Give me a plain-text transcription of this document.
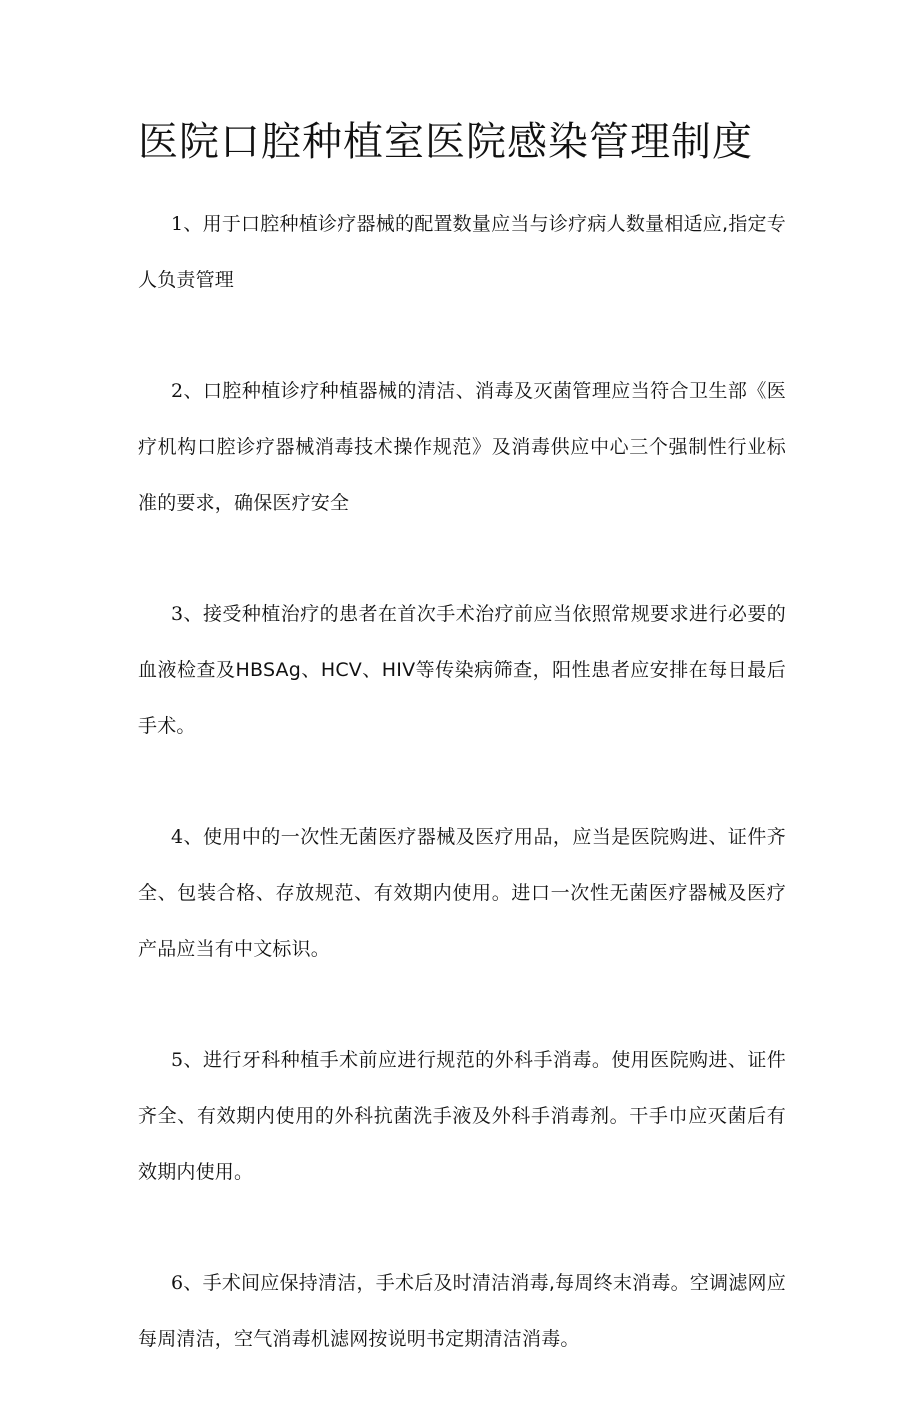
医院口腔种植室医院感染管理制度
1、用于口腔种植诊疗器械的配置数量应当与诊疗病人数量相适应,指定专人负责管理
2、口腔种植诊疗种植器械的清洁、消毒及灭菌管理应当符合卫生部《医疗机构口腔诊疗器械消毒技术操作规范》及消毒供应中心三个强制性行业标准的要求，确保医疗安全
3、接受种植治疗的患者在首次手术治疗前应当依照常规要求进行必要的血液检查及HBSAg、HCV、HIV等传染病筛查，阳性患者应安排在每日最后手术。
4、使用中的一次性无菌医疗器械及医疗用品，应当是医院购进、证件齐全、包装合格、存放规范、有效期内使用。进口一次性无菌医疗器械及医疗产品应当有中文标识。
5、进行牙科种植手术前应进行规范的外科手消毒。使用医院购进、证件齐全、有效期内使用的外科抗菌洗手液及外科手消毒剂。干手巾应灭菌后有效期内使用。
6、手术间应保持清洁，手术后及时清洁消毒,每周终末消毒。空调滤网应每周清洁，空气消毒机滤网按说明书定期清洁消毒。
